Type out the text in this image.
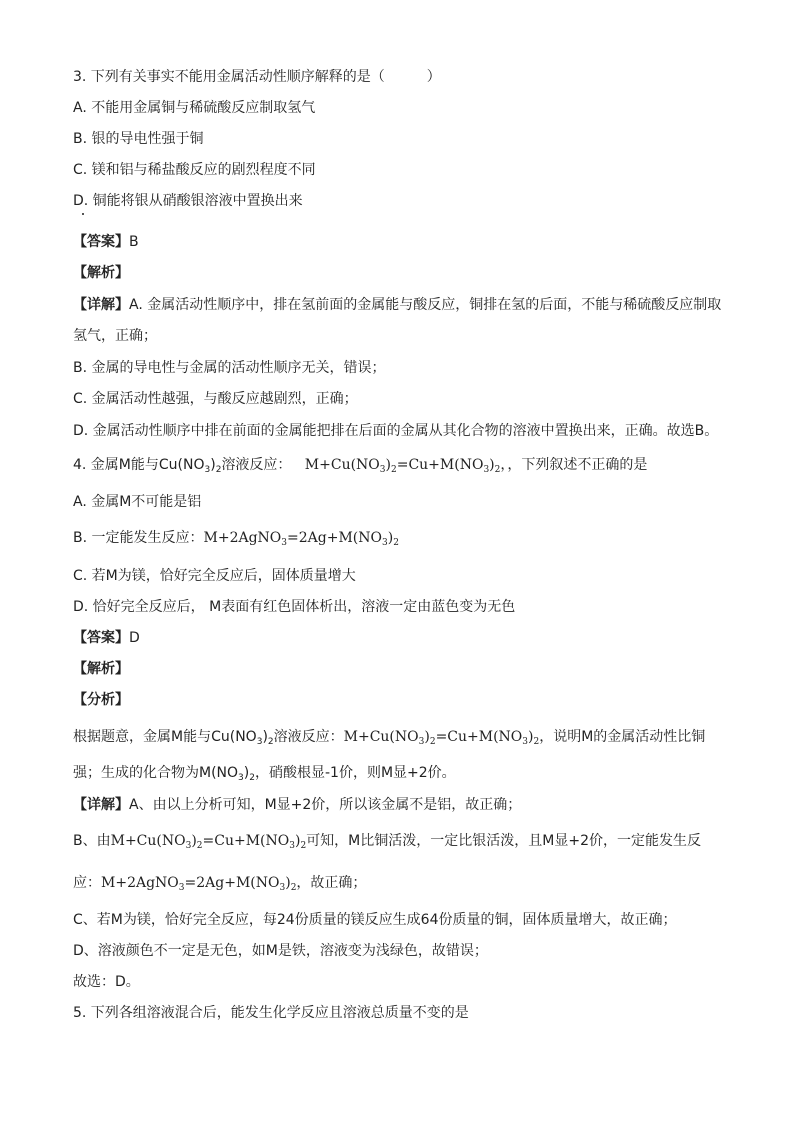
3. 下列有关事实不能用金属活动性顺序解释的是（　　　）
A. 不能用金属铜与稀硫酸反应制取氢气
B. 银的导电性强于铜
C. 镁和铝与稀盐酸反应的剧烈程度不同
D. 铜能将银从硝酸银溶液中置换出来
【答案】B
【解析】
【详解】A. 金属活动性顺序中，排在氢前面的金属能与酸反应，铜排在氢的后面，不能与稀硫酸反应制取
氢气，正确；
B. 金属的导电性与金属的活动性顺序无关，错误；
C. 金属活动性越强，与酸反应越剧烈，正确；
D. 金属活动性顺序中排在前面的金属能把排在后面的金属从其化合物的溶液中置换出来，正确。故选B。
4. 金属M能与$Cu(NO_3)_2$溶液反应： $M+Cu(NO_3)_2=Cu+M(NO_3)_2$，，下列叙述不正确的是
A. 金属M不可能是铝
B. 一定能发生反应：$M+2AgNO_3=2Ag+M(NO_3)_2$
C. 若M为镁，恰好完全反应后，固体质量增大
D. 恰好完全反应后， M表面有红色固体析出，溶液一定由蓝色变为无色
【答案】D
【解析】
【分析】
根据题意，金属M能与$Cu(NO_3)_2$溶液反应：$M+Cu(NO_3)_2=Cu+M(NO_3)_2$，说明M的金属活动性比铜
强；生成的化合物为$M(NO_3)_2$，硝酸根显-1价，则M显+2价。
【详解】A、由以上分析可知，M显+2价，所以该金属不是铝，故正确；
B、由$M+Cu(NO_3)_2=Cu+M(NO_3)_2$可知，M比铜活泼，一定比银活泼，且M显+2价，一定能发生反
应：$M+2AgNO_3=2Ag+M(NO_3)_2$，故正确；
C、若M为镁，恰好完全反应，每24份质量的镁反应生成64份质量的铜，固体质量增大，故正确；
D、溶液颜色不一定是无色，如M是铁，溶液变为浅绿色，故错误；
故选：D。
5. 下列各组溶液混合后，能发生化学反应且溶液总质量不变的是
